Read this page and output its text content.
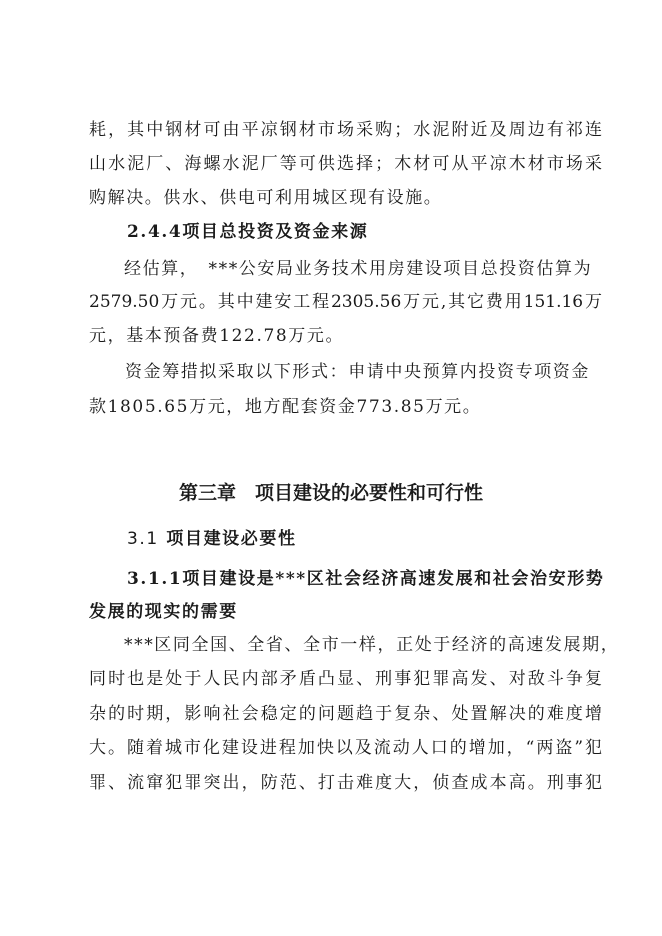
耗，其中钢材可由平凉钢材市场采购；水泥附近及周边有祁连
山水泥厂、海螺水泥厂等可供选择；木材可从平凉木材市场采
购解决。供水、供电可利用城区现有设施。
2.4.4项目总投资及资金来源
经估算，　***公安局业务技术用房建设项目总投资估算为
2579.50万元。其中建安工程2305.56万元,其它费用151.16万
元，基本预备费122.78万元。
资金筹措拟采取以下形式：申请中央预算内投资专项资金
款1805.65万元，地方配套资金773.85万元。
第三章　项目建设的必要性和可行性
3.1 项目建设必要性
3.1.1项目建设是***区社会经济高速发展和社会治安形势
发展的现实的需要
***区同全国、全省、全市一样，正处于经济的高速发展期，
同时也是处于人民内部矛盾凸显、刑事犯罪高发、对敌斗争复
杂的时期，影响社会稳定的问题趋于复杂、处置解决的难度增
大。随着城市化建设进程加快以及流动人口的增加，“两盗”犯
罪、流窜犯罪突出，防范、打击难度大，侦查成本高。刑事犯
